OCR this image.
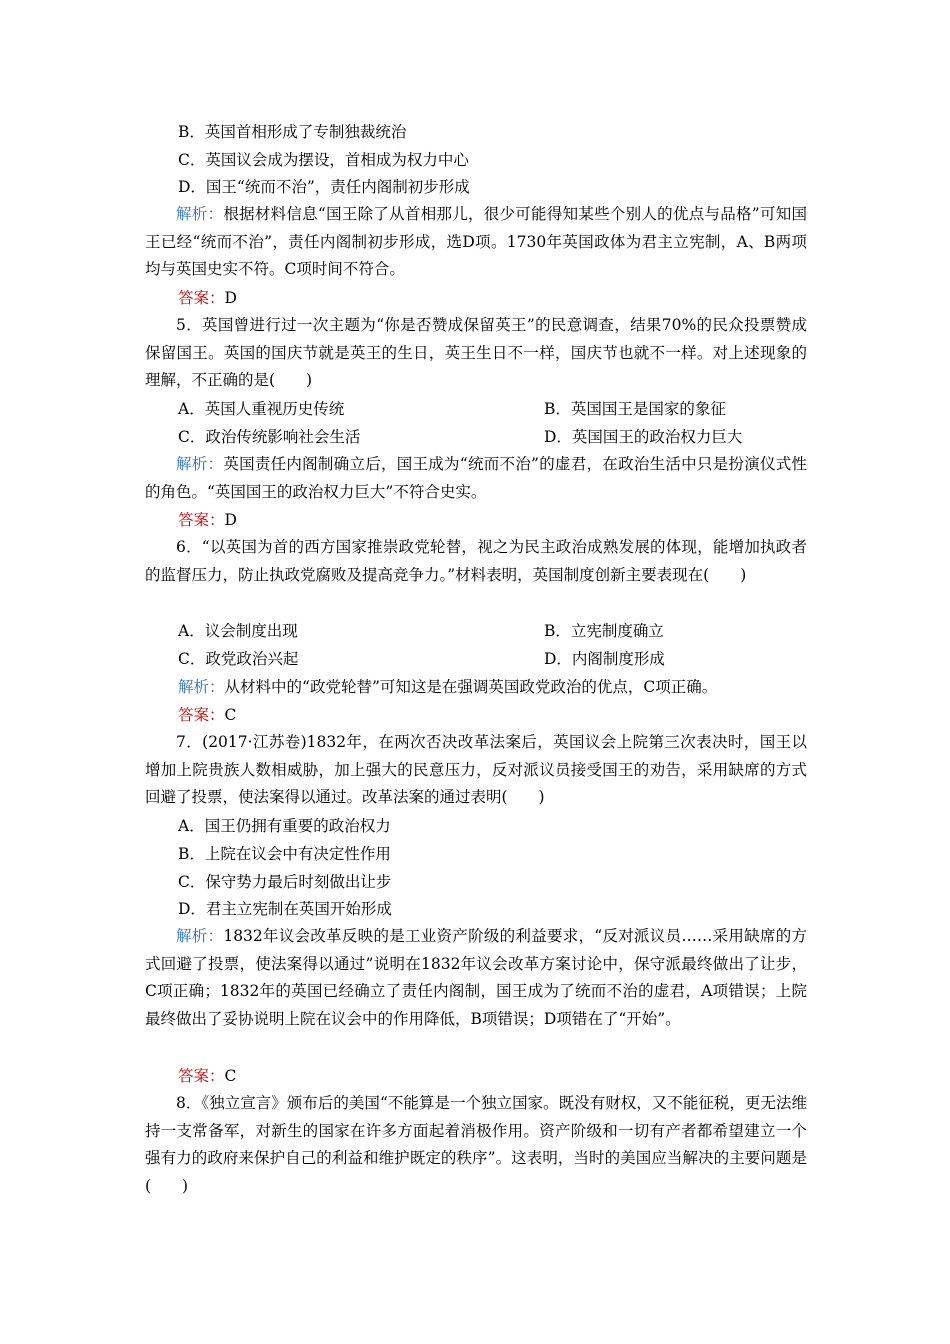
B．英国首相形成了专制独裁统治
C．英国议会成为摆设，首相成为权力中心
D．国王“统而不治”，责任内阁制初步形成
解析：根据材料信息“国王除了从首相那儿，很少可能得知某些个别人的优点与品格”可知国王已经“统而不治”，责任内阁制初步形成，选D项。1730年英国政体为君主立宪制，A、B两项均与英国史实不符。C项时间不符合。
答案：D
5．英国曾进行过一次主题为“你是否赞成保留英王”的民意调查，结果70%的民众投票赞成保留国王。英国的国庆节就是英王的生日，英王生日不一样，国庆节也就不一样。对上述现象的理解，不正确的是(　　)
A．英国人重视历史传统	B．英国国王是国家的象征
C．政治传统影响社会生活	D．英国国王的政治权力巨大
解析：英国责任内阁制确立后，国王成为“统而不治”的虚君，在政治生活中只是扮演仪式性的角色。“英国国王的政治权力巨大”不符合史实。
答案：D
6．“以英国为首的西方国家推崇政党轮替，视之为民主政治成熟发展的体现，能增加执政者的监督压力，防止执政党腐败及提高竞争力。”材料表明，英国制度创新主要表现在(　　)
A．议会制度出现	B．立宪制度确立
C．政党政治兴起	D．内阁制度形成
解析：从材料中的“政党轮替”可知这是在强调英国政党政治的优点，C项正确。
答案：C
7．(2017·江苏卷)1832年，在两次否决改革法案后，英国议会上院第三次表决时，国王以增加上院贵族人数相威胁，加上强大的民意压力，反对派议员接受国王的劝告，采用缺席的方式回避了投票，使法案得以通过。改革法案的通过表明(　　)
A．国王仍拥有重要的政治权力
B．上院在议会中有决定性作用
C．保守势力最后时刻做出让步
D．君主立宪制在英国开始形成
解析：1832年议会改革反映的是工业资产阶级的利益要求，“反对派议员……采用缺席的方式回避了投票，使法案得以通过”说明在1832年议会改革方案讨论中，保守派最终做出了让步，C项正确；1832年的英国已经确立了责任内阁制，国王成为了统而不治的虚君，A项错误；上院最终做出了妥协说明上院在议会中的作用降低，B项错误；D项错在了“开始”。
答案：C
8．《独立宣言》颁布后的美国“不能算是一个独立国家。既没有财权，又不能征税，更无法维持一支常备军，对新生的国家在许多方面起着消极作用。资产阶级和一切有产者都希望建立一个强有力的政府来保护自己的利益和维护既定的秩序”。这表明，当时的美国应当解决的主要问题是(　　)
